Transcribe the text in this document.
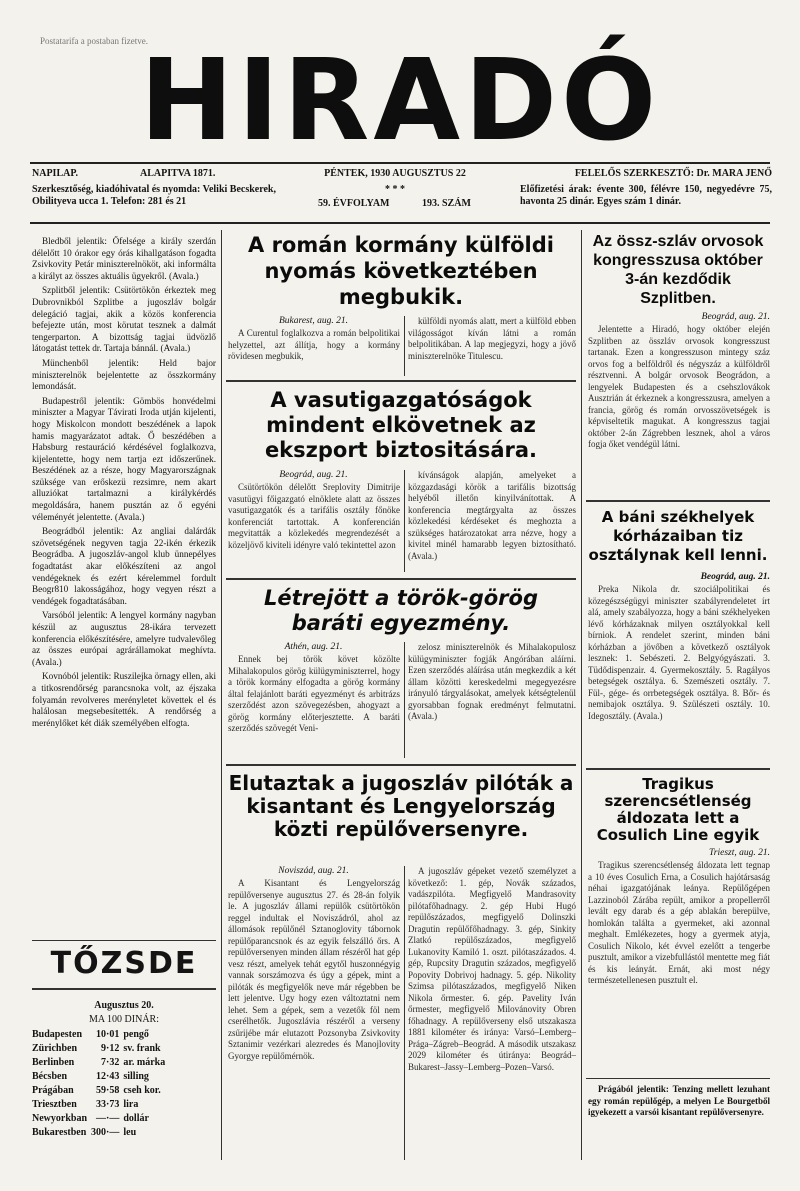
Postatarifa a postaban fizetve.
HIRADÓ
NAPILAP.	ALAPITVA 1871.	PÉNTEK, 1930 AUGUSZTUS 22	FELELŐS SZERKESZTŐ: Dr. MARA JENŐ
Szerkesztőség, kiadóhivatal és nyomda: Veliki Becskerek, Obilityeva ucca 1. Telefon: 281 és 21
* * *
59. ÉVFOLYAM	193. SZÁM
Előfizetési árak: évente 300, félévre 150, negyedévre 75, havonta 25 dinár. Egyes szám 1 dinár.

Bledből jelentik: Őfelsége a király szerdán délelőtt 10 órakor egy órás kihallgatáson fogadta Zsivkovity Petár miniszterelnököt, aki informálta a királyt az összes aktuális ügyekről. (Avala.)

Szplitből jelentik: Csütörtökön érkeztek meg Dubrovnikból Szplitbe a jugoszláv bolgár delegáció tagjai, akik a közös konferencia befejezte után, most körutat tesznek a dalmát tengerparton. A bizottság tagjai üdvözlő látogatást tettek dr. Tartaja bánnál. (Avala.)

Münchenből jelentik: Held bajor miniszterelnök bejelentette az összkormány lemondását.

Budapestről jelentik: Gömbös honvédelmi miniszter a Magyar Távirati Iroda utján kijelenti, hogy Miskolcon mondott beszédének a lapok hamis magyarázatot adtak. Ő beszédében a Habsburg restauráció kérdésével foglalkozva, kijelentette, hogy nem tartja ezt időszerűnek. Beszédének az a része, hogy Magyarországnak szüksége van erőskezü rezsimre, nem akart alluziókat tartalmazni a királykérdés megoldására, hanem pusztán az ő egyéni véleményét jelentette. (Avala.)

Beográdból jelentik: Az angliai dalárdák szövetségének negyven tagja 22-ikén érkezik Beográdba. A jugoszláv-angol klub ünnepélyes fogadtatást akar előkészíteni az angol vendégeknek és ezért kérelemmel fordult Beogr810 lakosságához, hogy vegyen részt a vendégek fogadtatásában.

Varsóból jelentik: A lengyel kormány nagyban készül az augusztus 28-ikára tervezett konferencia előkészítésére, amelyre tudvalevőleg az összes európai agrárállamokat meghívta. (Avala.)

Kovnóból jelentik: Ruszilejka örnagy ellen, aki a titkosrendőrség parancsnoka volt, az éjszaka folyamán revolveres merényletet követtek el és halálosan megsebesítették. A rendőrség a merénylőket két diák személyében elfogta.

TŐZSDE
Augusztus 20.
MA 100 DINÁR:
Budapesten	10·01	pengő
Zürichben	9·12	sv. frank
Berlinben	7·32	ar. márka
Bécsben	12·43	silling
Prágában	59·58	cseh kor.
Triesztben	33·73	lira
Newyorkban	—·—	dollár
Bukarestben	300·—	leu
A román kormány külföldi nyomás következtében megbukik.
Bukarest, aug. 21.

A Curentul foglalkozva a román belpolitikai helyzettel, azt állítja, hogy a kormány rövidesen megbukik,

külföldi nyomás alatt, mert a külföld ebben világosságot kíván látni a román belpolitikában. A lap megjegyzi, hogy a jövő miniszterelnöke Titulescu.

A vasutigazgatóságok mindent elkövetnek az ekszport biztositására.
Beográd, aug. 21.

Csütörtökön délelőtt Sreplovity Dimitrije vasutügyi főigazgató elnöklete alatt az összes vasutigazgatók és a tarifális osztály főnöke konferenciát tartottak. A konferencián megvitatták a közlekedés megrendezését a közeljövő kiviteli idényre való tekintettel azon

kívánságok alapján, amelyeket a közgazdasági körök a tarifális bizottság helyéből illetőn kinyilvánítottak. A konferencia megtárgyalta az összes közlekedési kérdéseket és meghozta a szükséges határozatokat arra nézve, hogy a kivitel minél hamarabb legyen biztosítható. (Avala.)

Létrejött a török-görög baráti egyezmény.
Athén, aug. 21.

Ennek bej török követ közölte Mihalakopulos görög külügyminiszterrel, hogy a török kormány elfogadta a görög kormány által felajánlott baráti egyezményt és arbitrázs szerződést azon szövegezésben, ahogyazt a görög kormány előterjesztette. A baráti szerződés szövegét Veni-

zelosz miniszterelnök és Mihalakopulosz külügyminiszter fogják Angórában aláírni. Ezen szerződés aláírása után megkezdik a két állam közötti kereskedelmi megegyezésre irányuló tárgyalásokat, amelyek kétségtelenül gyorsabban fognak eredményt felmutatni. (Avala.)

Elutaztak a jugoszláv pilóták a kisantant és Lengyelország közti repülőversenyre.
Noviszád, aug. 21.

A Kisantant és Lengyelország repülőversenye augusztus 27. és 28-án folyik le. A jugoszláv állami repülők csütörtökön reggel indultak el Noviszádról, ahol az állomások repülőnél Sztanoglovity tábornok repülőparancsnok és az egyik felszálló őrs. A repülőversenyen minden állam részéről hat gép vesz részt, amelyek tehát egytől huszonnégyig vannak sorszámozva és úgy a gépek, mint a pilóták és megfigyelők neve már régebben be lett jelentve. Ugy hogy ezen változtatni nem lehet. Sem a gépek, sem a vezetők föl nem cserélhetők. Jugoszlávia részéről a verseny zsűrijébe már elutazott Pozsonyba Zsivkovity Sztanimir vezérkari alezredes és Manojlovity Gyorgye repülőmérnök.

A jugoszláv gépeket vezető személyzet a következő: 1. gép, Novák százados, vadászpilóta. Megfigyelő Mandrasovity pilótafőhadnagy. 2. gép Hubi Hugó repülőszázados, megfigyelő Dolinszki Dragutin repülőfőhadnagy. 3. gép, Sinkity Zlatkó repülőszázados, megfigyelő Lukanovity Kamiló 1. oszt. pilótaszázados. 4. gép, Rupcsity Dragutin százados, megfigyelő Popovity Dobrivoj hadnagy. 5. gép. Nikolity Szimsa pilótaszázados, megfigyelő Niken Nikola őrmester. 6. gép. Pavelity Iván őrmester, megfigyelő Milovánovity Obren főhadnagy. A repülőverseny első utszakasza 1881 kilométer és iránya: Varsó–Lemberg–Prága–Zágreb–Beográd. A második utszakasz 2029 kilométer és útiránya: Beográd–Bukarest–Jassy–Lemberg–Pozen–Varsó.

Az össz-szláv orvosok kongresszusa október 3-án kezdődik Szplitben.
Beográd, aug. 21.

Jelentette a Hiradó, hogy október elején Szplitben az összláv orvosok kongresszust tartanak. Ezen a kongresszuson mintegy száz orvos fog a belföldről és négyszáz a külföldről résztvenni. A bolgár orvosok Beográdon, a lengyelek Budapesten és a csehszlovákok Ausztrián át érkeznek a kongresszusra, amelyen a francia, görög és román orvosszövetségek is képviseltetik magukat. A kongresszus tagjai október 2-án Zágrebben lesznek, ahol a város fogja őket vendégül látni.

A báni székhelyek kórházaiban tiz osztálynak kell lenni.
Beográd, aug. 21.

Preka Nikola dr. szociálpolitikai és közegészségügyi miniszter szabályrendeletet írt alá, amely szabályozza, hogy a báni székhelyeken lévő kórházaknak milyen osztályokkal kell bírniok. A rendelet szerint, minden báni kórházban a jövőben a következő osztályok lesznek: 1. Sebészeti. 2. Belgyógyászati. 3. Tüdődispenzair. 4. Gyermekosztály. 5. Ragályos betegségek osztálya. 6. Szemészeti osztály. 7. Fül-, gége- és orrbetegségek osztálya. 8. Bőr- és nemibajok osztálya. 9. Szülészeti osztály. 10. Idegosztály. (Avala.)

Tragikus szerencsétlenség áldozata lett a Cosulich Line egyik
Trieszt, aug. 21.

Tragikus szerencsétlenség áldozata lett tegnap a 10 éves Cosulich Erna, a Cosulich hajótársaság néhai igazgatójának leánya. Repülőgépen Lazzinoból Zárába repült, amikor a propellerről levált egy darab és a gép ablakán berepülve, homlokán találta a gyermeket, aki azonnal meghalt. Emlékezetes, hogy a gyermek atyja, Cosulich Nikolo, két évvel ezelőtt a tengerbe pusztult, amikor a vizebfullástól mentette meg fiát és kis leányát. Ernát, aki most négy természetellenesen pusztult el.

Prágából jelentik: Tenzing mellett lezuhant egy román repülőgép, a melyen Le Bourgetből igyekezett a varsói kisantant repülőversenyre.
